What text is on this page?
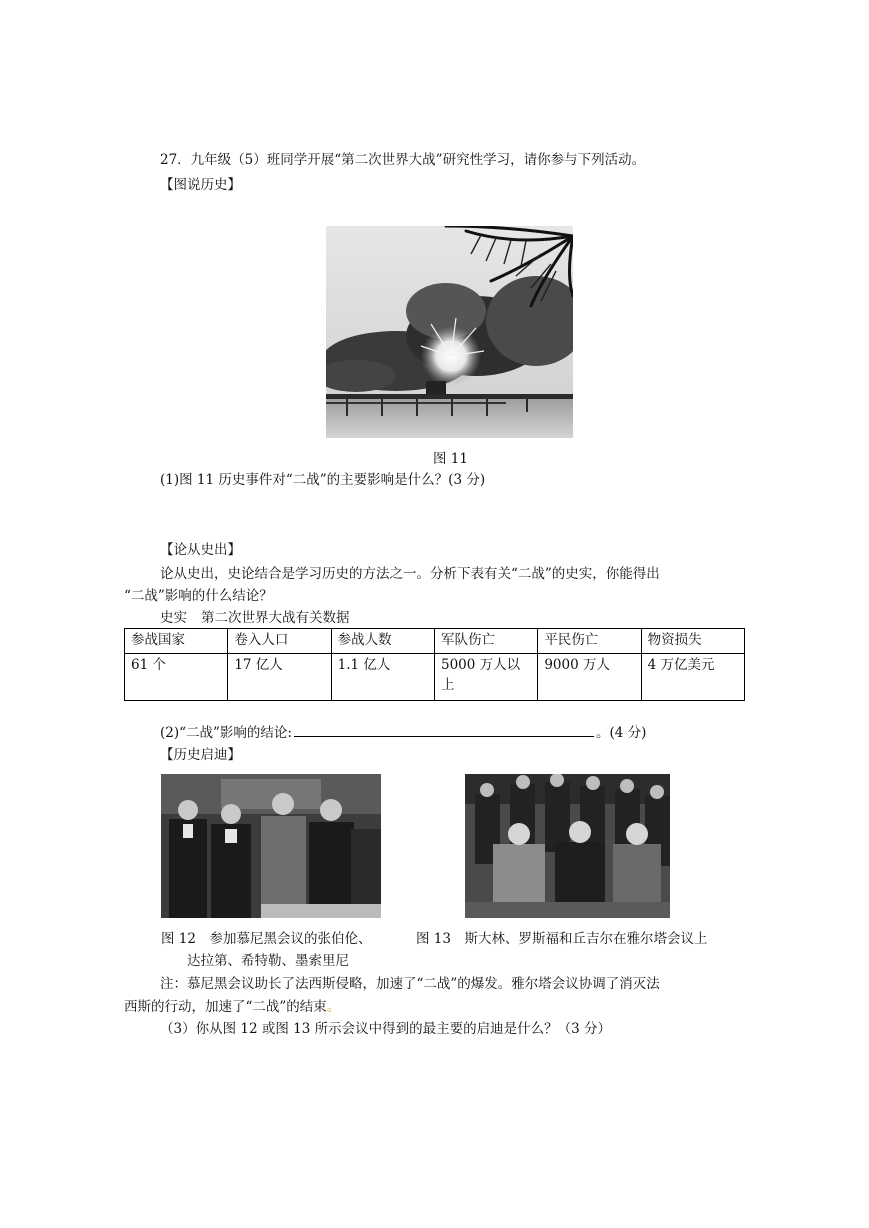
27．九年级（5）班同学开展“第二次世界大战”研究性学习，请你参与下列活动。
【图说历史】
图 11
(1)图 11 历史事件对“二战”的主要影响是什么？(3 分)
【论从史出】
论从史出，史论结合是学习历史的方法之一。分析下表有关“二战”的史实，你能得出
“二战”影响的什么结论？
史实 第二次世界大战有关数据
参战国家	卷入人口	参战人数	军队伤亡	平民伤亡	物资损失
61 个	17 亿人	1.1 亿人	5000 万人以上	9000 万人	4 万亿美元
(2)“二战”影响的结论:	。(4 分)
【历史启迪】
图 12　参加慕尼黑会议的张伯伦、
达拉第、希特勒、墨索里尼
图 13　斯大林、罗斯福和丘吉尔在雅尔塔会议上
注：慕尼黑会议助长了法西斯侵略，加速了“二战”的爆发。雅尔塔会议协调了消灭法
西斯的行动，加速了“二战”的结束。
（3）你从图 12 或图 13 所示会议中得到的最主要的启迪是什么？（3 分）
